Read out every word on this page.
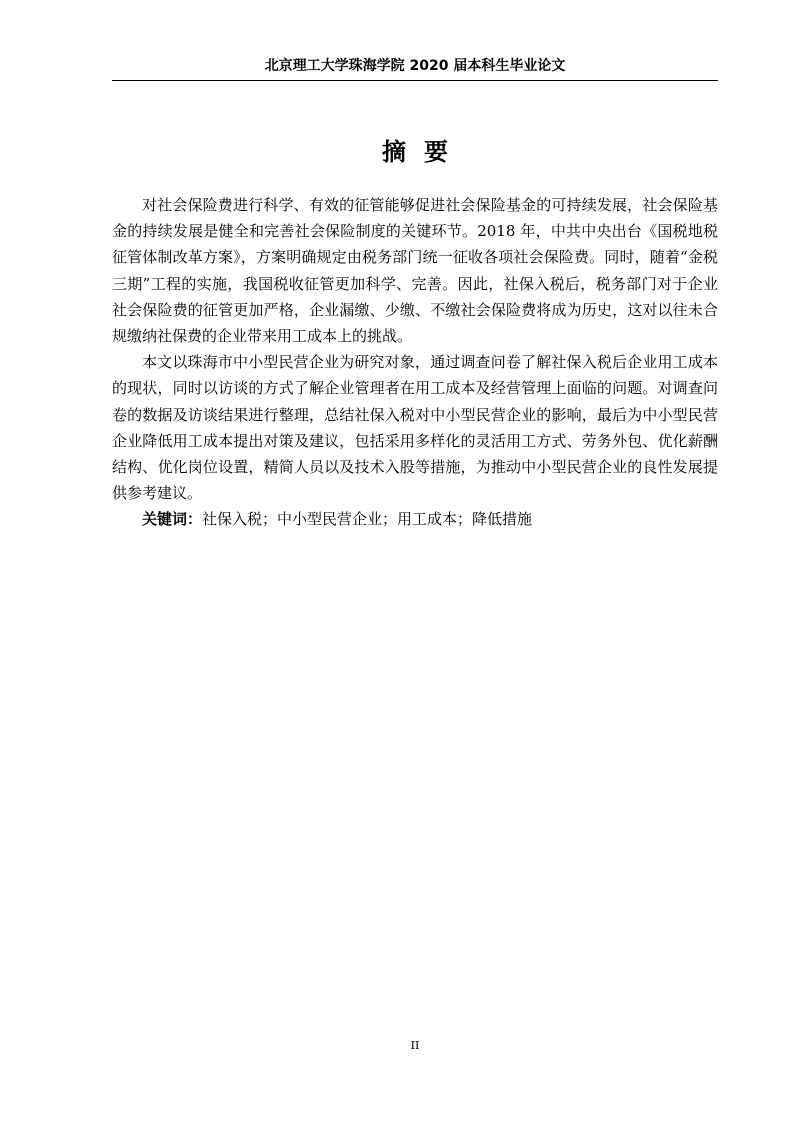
北京理工大学珠海学院 2020 届本科生毕业论文
摘要

对社会保险费进行科学、有效的征管能够促进社会保险基金的可持续发展，社会保险基金的持续发展是健全和完善社会保险制度的关键环节。2018 年，中共中央出台《国税地税征管体制改革方案》，方案明确规定由税务部门统一征收各项社会保险费。同时，随着“金税三期”工程的实施，我国税收征管更加科学、完善。因此，社保入税后，税务部门对于企业社会保险费的征管更加严格，企业漏缴、少缴、不缴社会保险费将成为历史，这对以往未合规缴纳社保费的企业带来用工成本上的挑战。

本文以珠海市中小型民营企业为研究对象，通过调查问卷了解社保入税后企业用工成本的现状，同时以访谈的方式了解企业管理者在用工成本及经营管理上面临的问题。对调查问卷的数据及访谈结果进行整理，总结社保入税对中小型民营企业的影响，最后为中小型民营企业降低用工成本提出对策及建议，包括采用多样化的灵活用工方式、劳务外包、优化薪酬结构、优化岗位设置，精简人员以及技术入股等措施，为推动中小型民营企业的良性发展提供参考建议。

关键词：社保入税；中小型民营企业；用工成本；降低措施

II
